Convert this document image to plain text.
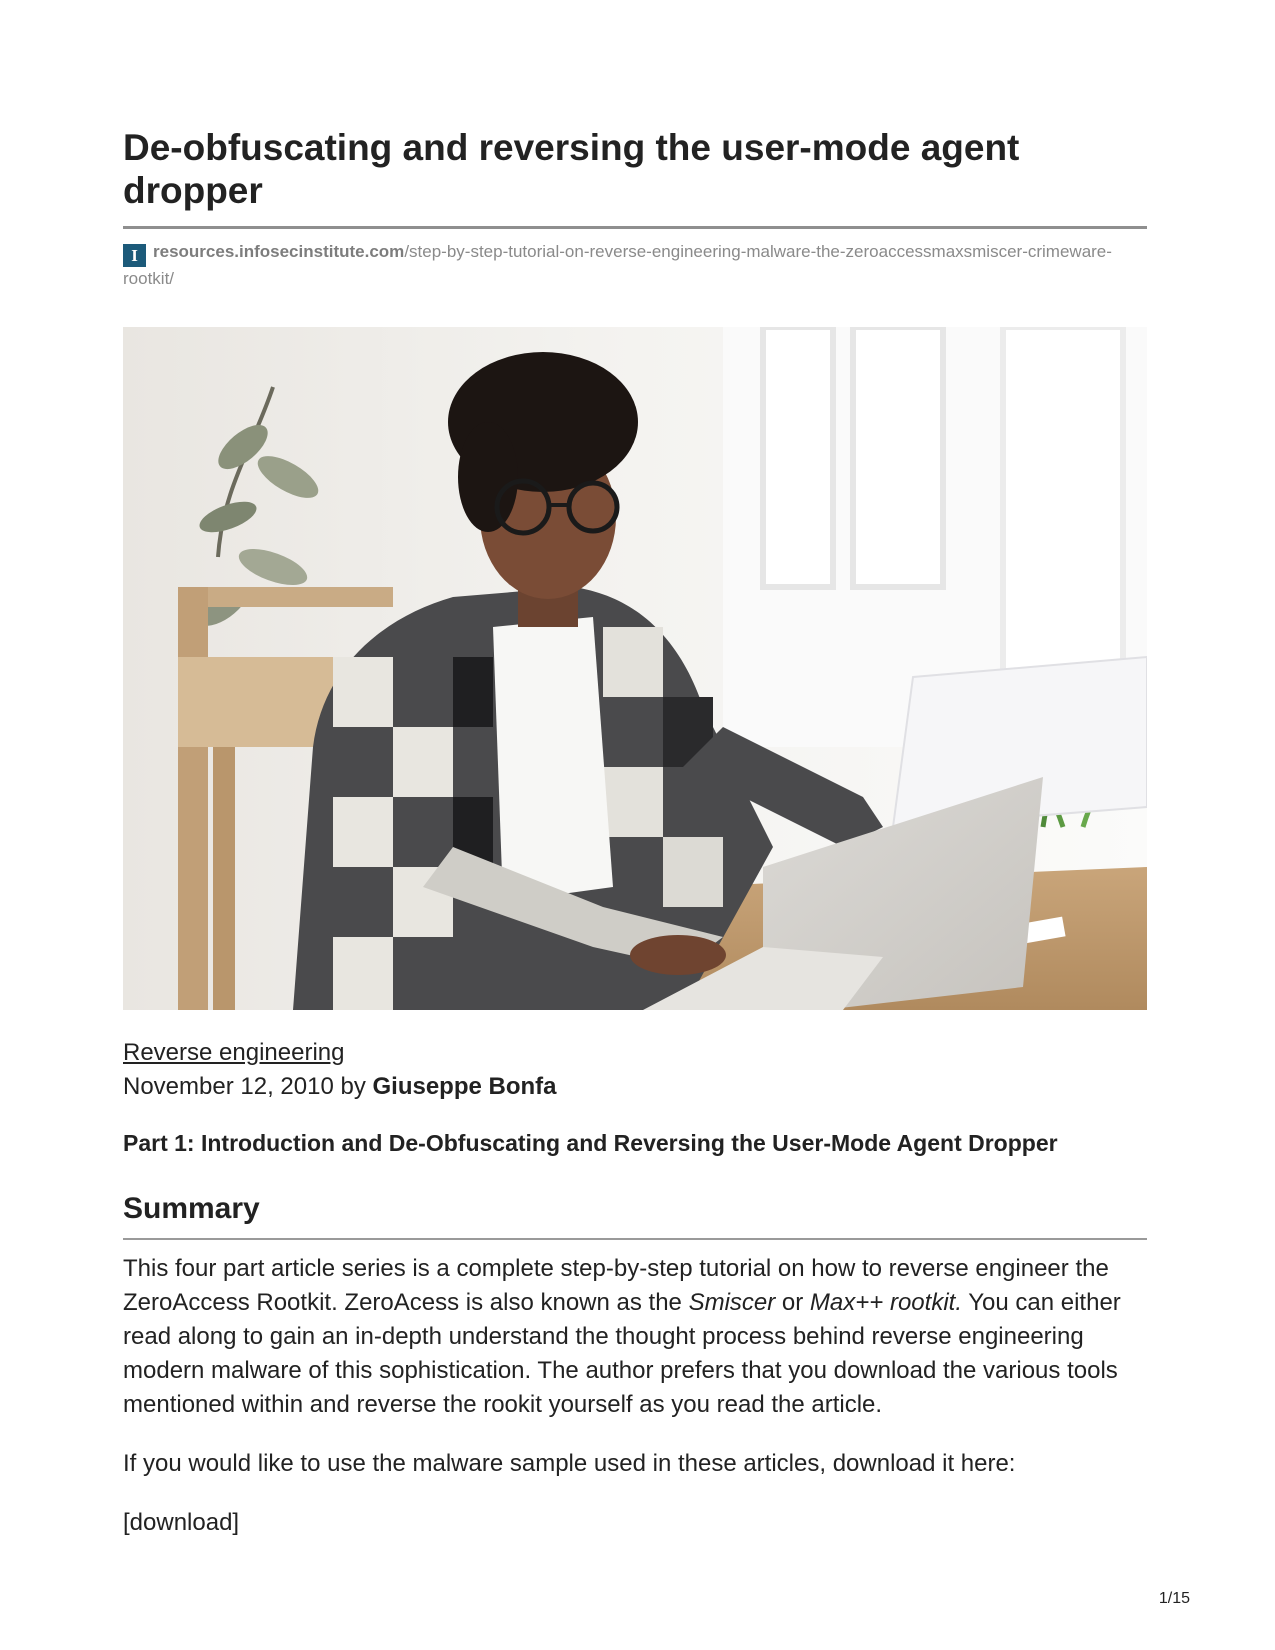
De-obfuscating and reversing the user-mode agent dropper
I resources.infosecinstitute.com/step-by-step-tutorial-on-reverse-engineering-malware-the-zeroaccessmaxsmiscer-crimeware-rootkit/
Reverse engineering
November 12, 2010 by Giuseppe Bonfa
Part 1: Introduction and De-Obfuscating and Reversing the User-Mode Agent Dropper
Summary

This four part article series is a complete step-by-step tutorial on how to reverse engineer the ZeroAccess Rootkit. ZeroAcess is also known as the Smiscer or Max++ rootkit. You can either read along to gain an in-depth understand the thought process behind reverse engineering modern malware of this sophistication. The author prefers that you download the various tools mentioned within and reverse the rookit yourself as you read the article.

If you would like to use the malware sample used in these articles, download it here:

[download]

1/15
